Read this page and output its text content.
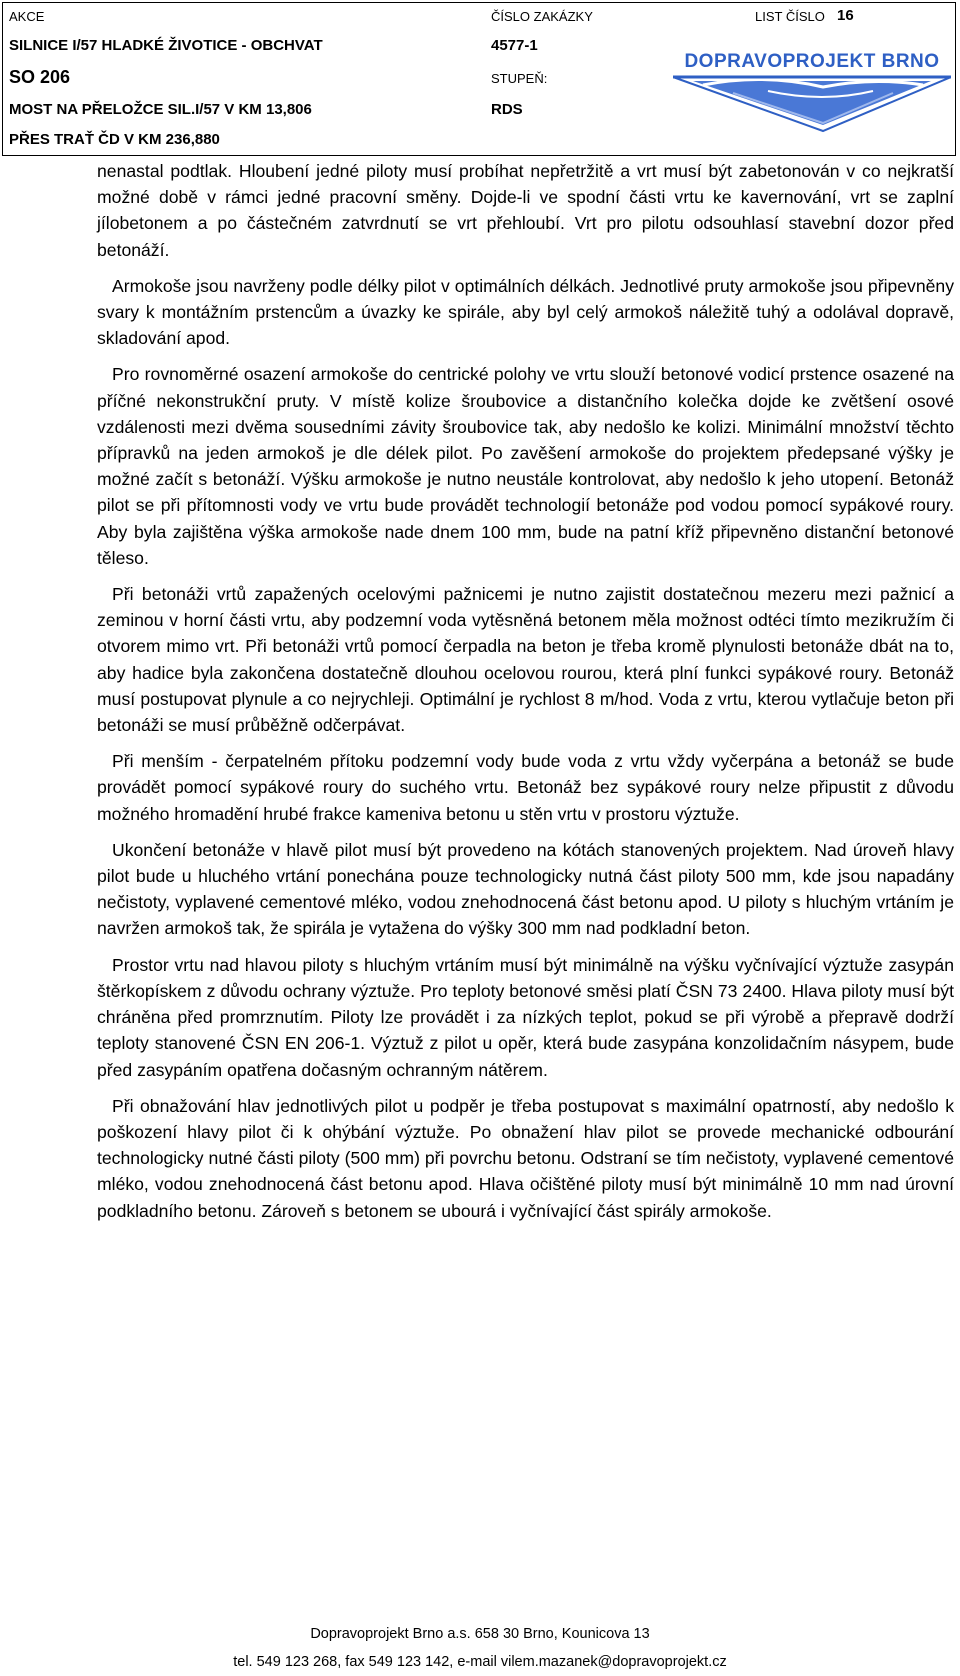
AKCE	ČÍSLO ZAKÁZKY	LIST ČÍSLO 16
SILNICE I/57 HLADKÉ ŽIVOTICE - OBCHVAT	4577-1
SO 206	STUPEŇ:
MOST NA PŘELOŽCE SIL.I/57 V KM 13,806	RDS
PŘES TRAŤ ČD V KM 236,880
DOPRAVOPROJEKT BRNO

nenastal podtlak. Hloubení jedné piloty musí probíhat nepřetržitě a vrt musí být zabetonován v co nejkratší možné době v rámci jedné pracovní směny. Dojde-li ve spodní části vrtu ke kavernování, vrt se zaplní jílobetonem a po částečném zatvrdnutí se vrt přehloubí. Vrt pro pilotu odsouhlasí stavební dozor před betonáží.

Armokoše jsou navrženy podle délky pilot v optimálních délkách. Jednotlivé pruty armokoše jsou připevněny svary k montážním prstencům a úvazky ke spirále, aby byl celý armokoš náležitě tuhý a odolával dopravě, skladování apod.

Pro rovnoměrné osazení armokoše do centrické polohy ve vrtu slouží betonové vodicí prstence osazené na příčné nekonstrukční pruty. V místě kolize šroubovice a distančního kolečka dojde ke zvětšení osové vzdálenosti mezi dvěma sousedními závity šroubovice tak, aby nedošlo ke kolizi. Minimální množství těchto přípravků na jeden armokoš je dle délek pilot. Po zavěšení armokoše do projektem předepsané výšky je možné začít s betonáží. Výšku armokoše je nutno neustále kontrolovat, aby nedošlo k jeho utopení. Betonáž pilot se při přítomnosti vody ve vrtu bude provádět technologií betonáže pod vodou pomocí sypákové roury. Aby byla zajištěna výška armokoše nade dnem 100 mm, bude na patní kříž připevněno distanční betonové těleso.

Při betonáži vrtů zapažených ocelovými pažnicemi je nutno zajistit dostatečnou mezeru mezi pažnicí a zeminou v horní části vrtu, aby podzemní voda vytěsněná betonem měla možnost odtéci tímto mezikružím či otvorem mimo vrt. Při betonáži vrtů pomocí čerpadla na beton je třeba kromě plynulosti betonáže dbát na to, aby hadice byla zakončena dostatečně dlouhou ocelovou rourou, která plní funkci sypákové roury. Betonáž musí postupovat plynule a co nejrychleji. Optimální je rychlost 8 m/hod. Voda z vrtu, kterou vytlačuje beton při betonáži se musí průběžně odčerpávat.

Při menším - čerpatelném přítoku podzemní vody bude voda z vrtu vždy vyčerpána a betonáž se bude provádět pomocí sypákové roury do suchého vrtu. Betonáž bez sypákové roury nelze připustit z důvodu možného hromadění hrubé frakce kameniva betonu u stěn vrtu v prostoru výztuže.

Ukončení betonáže v hlavě pilot musí být provedeno na kótách stanovených projektem. Nad úroveň hlavy pilot bude u hluchého vrtání ponechána pouze technologicky nutná část piloty 500 mm, kde jsou napadány nečistoty, vyplavené cementové mléko, vodou znehodnocená část betonu apod. U piloty s hluchým vrtáním je navržen armokoš tak, že spirála je vytažena do výšky 300 mm nad podkladní beton.

Prostor vrtu nad hlavou piloty s hluchým vrtáním musí být minimálně na výšku vyčnívající výztuže zasypán štěrkopískem z důvodu ochrany výztuže. Pro teploty betonové směsi platí ČSN 73 2400. Hlava piloty musí být chráněna před promrznutím. Piloty lze provádět i za nízkých teplot, pokud se při výrobě a přepravě dodrží teploty stanovené ČSN EN 206-1. Výztuž z pilot u opěr, která bude zasypána konzolidačním násypem, bude před zasypáním opatřena dočasným ochranným nátěrem.

Při obnažování hlav jednotlivých pilot u podpěr je třeba postupovat s maximální opatrností, aby nedošlo k poškození hlavy pilot či k ohýbání výztuže. Po obnažení hlav pilot se provede mechanické odbourání technologicky nutné části piloty (500 mm) při povrchu betonu. Odstraní se tím nečistoty, vyplavené cementové mléko, vodou znehodnocená část betonu apod. Hlava očištěné piloty musí být minimálně 10 mm nad úrovní podkladního betonu. Zároveň s betonem se ubourá i vyčnívající část spirály armokoše.

Dopravoprojekt Brno a.s. 658 30 Brno, Kounicova 13
tel. 549 123 268, fax 549 123 142, e-mail vilem.mazanek@dopravoprojekt.cz
